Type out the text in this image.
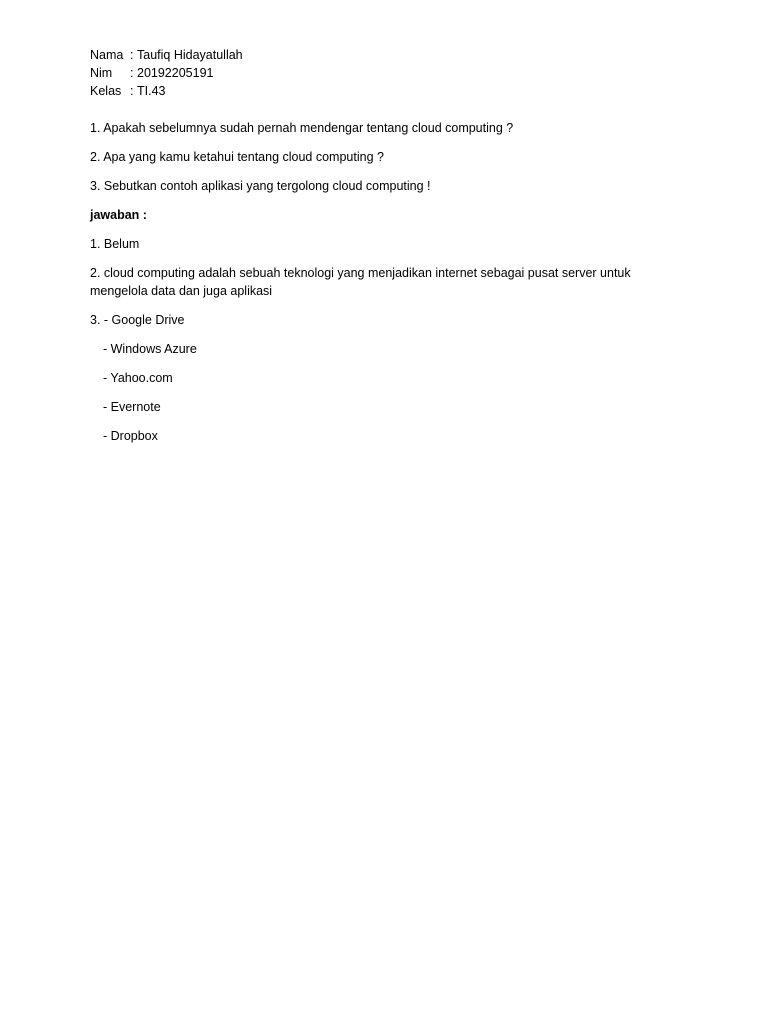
Nama : Taufiq Hidayatullah
Nim	: 20192205191
Kelas : TI.43

1. Apakah sebelumnya sudah pernah mendengar tentang cloud computing ?

2. Apa yang kamu ketahui tentang cloud computing ?

3. Sebutkan contoh aplikasi yang tergolong cloud computing !

jawaban :

1. Belum

2. cloud computing adalah sebuah teknologi yang menjadikan internet sebagai pusat server untuk mengelola data dan juga aplikasi

3. - Google Drive
- Windows Azure
- Yahoo.com
- Evernote
- Dropbox
